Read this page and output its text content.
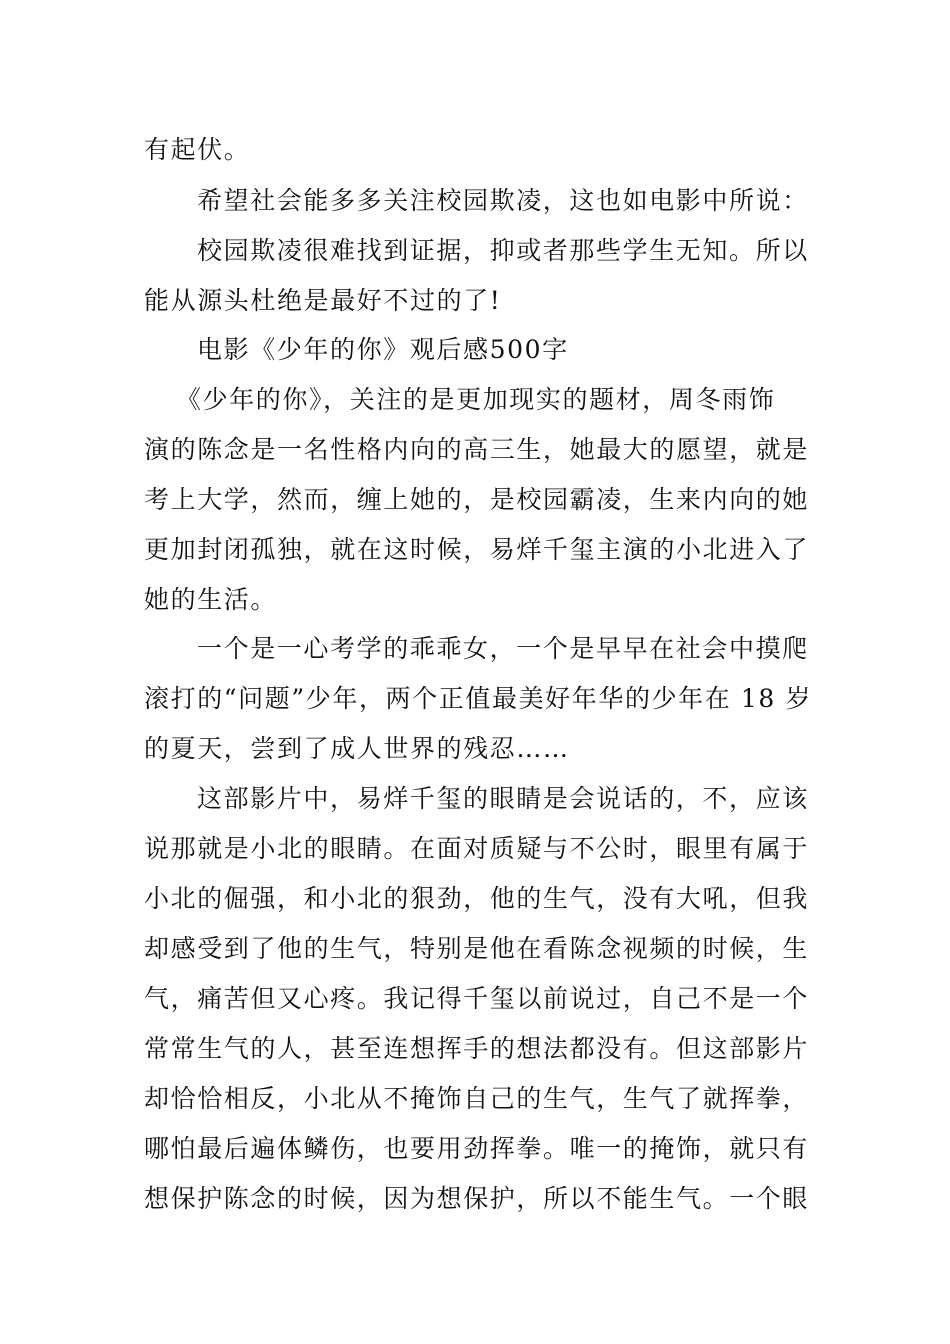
有起伏。
希望社会能多多关注校园欺凌，这也如电影中所说：
校园欺凌很难找到证据，抑或者那些学生无知。所以
能从源头杜绝是最好不过的了!
电影《少年的你》观后感500字
《少年的你》，关注的是更加现实的题材，周冬雨饰
演的陈念是一名性格内向的高三生，她最大的愿望，就是
考上大学，然而，缠上她的，是校园霸凌，生来内向的她
更加封闭孤独，就在这时候，易烊千玺主演的小北进入了
她的生活。
一个是一心考学的乖乖女，一个是早早在社会中摸爬
滚打的“问题”少年，两个正值最美好年华的少年在 18 岁
的夏天，尝到了成人世界的残忍……
这部影片中，易烊千玺的眼睛是会说话的，不，应该
说那就是小北的眼睛。在面对质疑与不公时，眼里有属于
小北的倔强，和小北的狠劲，他的生气，没有大吼，但我
却感受到了他的生气，特别是他在看陈念视频的时候，生
气，痛苦但又心疼。我记得千玺以前说过，自己不是一个
常常生气的人，甚至连想挥手的想法都没有。但这部影片
却恰恰相反，小北从不掩饰自己的生气，生气了就挥拳，
哪怕最后遍体鳞伤，也要用劲挥拳。唯一的掩饰，就只有
想保护陈念的时候，因为想保护，所以不能生气。一个眼
